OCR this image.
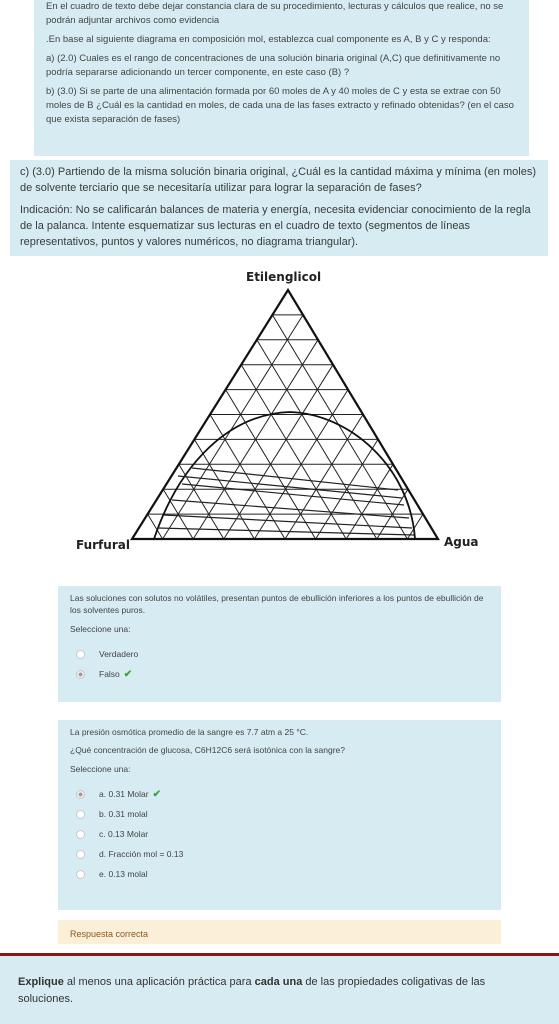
En el cuadro de texto debe dejar constancia clara de su procedimiento, lecturas y cálculos que realice, no se podrán adjuntar archivos como evidencia

.En base al siguiente diagrama en composición mol, establezca cual componente es A, B y C y responda:

a) (2.0) Cuales es el rango de concentraciones de una solución binaria original (A,C) que definitivamente no podría separarse adicionando un tercer componente, en este caso (B) ?

b) (3.0) Si se parte de una alimentación formada por 60 moles de A y 40 moles de C y esta se extrae con 50 moles de B ¿Cuál es la cantidad en moles, de cada una de las fases extracto y refinado obtenidas? (en el caso que exista separación de fases)

c) (3.0) Partiendo de la misma solución binaria original, ¿Cuál es la cantidad máxima y mínima (en moles) de solvente terciario que se necesitaría utilizar para lograr la separación de fases?

Indicación: No se calificarán balances de materia y energía, necesita evidenciar conocimiento de la regla de la palanca. Intente esquematizar sus lecturas en el cuadro de texto (segmentos de líneas representativos, puntos y valores numéricos, no diagrama triangular).

Etilenglicol
Furfural	Agua
Las soluciones con solutos no volátiles, presentan puntos de ebullición inferiores a los puntos de ebullición de los solventes puros.
Seleccione una:
Verdadero
Falso ✔
La presión osmótica promedio de la sangre es 7.7 atm a 25 °C.
¿Qué concentración de glucosa, C6H12C6 será isotónica con la sangre?
Seleccione una:
a. 0.31 Molar ✔
b. 0.31 molal
c. 0.13 Molar
d. Fracción mol = 0.13
e. 0.13 molal
Respuesta correcta
Explique al menos una aplicación práctica para cada una de las propiedades coligativas de las soluciones.
